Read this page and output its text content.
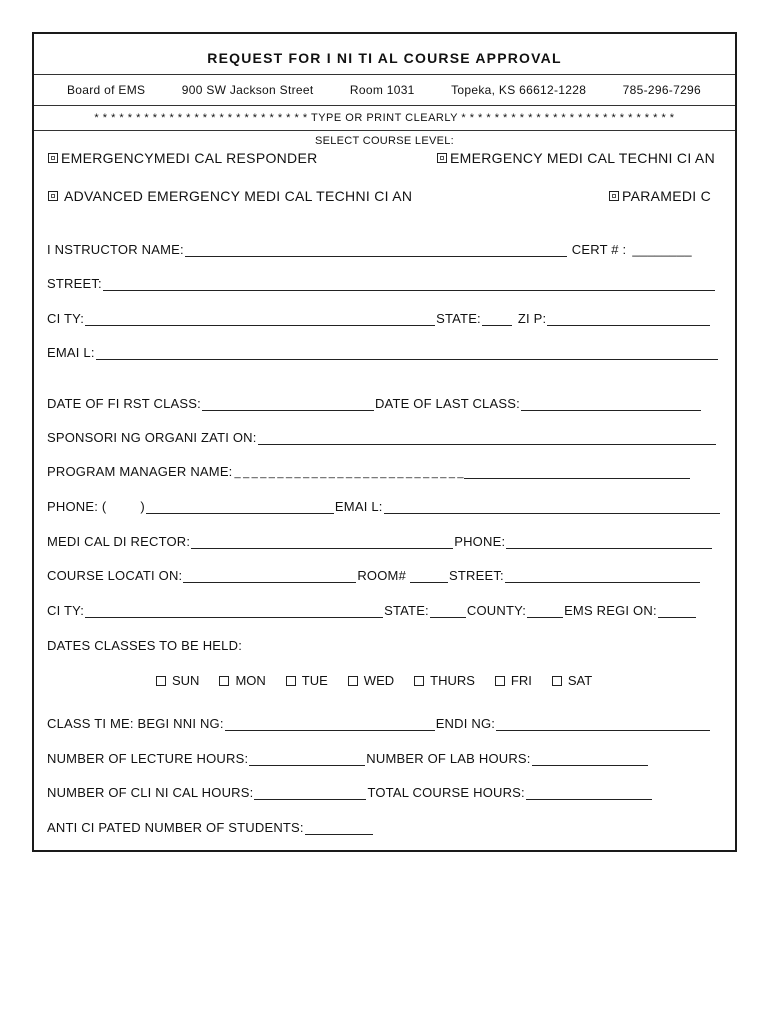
REQUEST FOR I NI TI AL COURSE APPROVAL
Board of EMS	900 SW Jackson Street	Room 1031	Topeka, KS 66612-1228	785-296-7296
* * * * * * * * * * * * * * * * * * * * * * * * * * TYPE OR PRINT CLEARLY * * * * * * * * * * * * * * * * * * * * * * * * * *
SELECT COURSE LEVEL:
EMERGENCYMEDI CAL RESPONDER	EMERGENCY MEDI CAL TECHNI CI AN
ADVANCED EMERGENCY MEDI CAL TECHNI CI AN	PARAMEDI C
I NSTRUCTOR NAME:	CERT # : ________
STREET:
CI TY:	STATE:	ZI P:
EMAI L:
DATE OF FI RST CLASS:	DATE OF LAST CLASS:
SPONSORI NG ORGANI ZATI ON:
PROGRAM MANAGER NAME: _ _ _ _ _ _ _ _ _ _ _ _ _ _ _ _ _ _ _ _ _ _ _ _ _ _ _
PHONE: (	)	EMAI L:
MEDI CAL DI RECTOR:	PHONE:
COURSE LOCATI ON:	ROOM#	STREET:
CI TY:	STATE:	COUNTY:	EMS REGI ON:
DATES CLASSES TO BE HELD:
SUN	MON	TUE	WED	THURS	FRI	SAT
CLASS TI ME: BEGI NNI NG:	ENDI NG:
NUMBER OF LECTURE HOURS:	NUMBER OF LAB HOURS:
NUMBER OF CLI NI CAL HOURS:	TOTAL COURSE HOURS:
ANTI CI PATED NUMBER OF STUDENTS:
